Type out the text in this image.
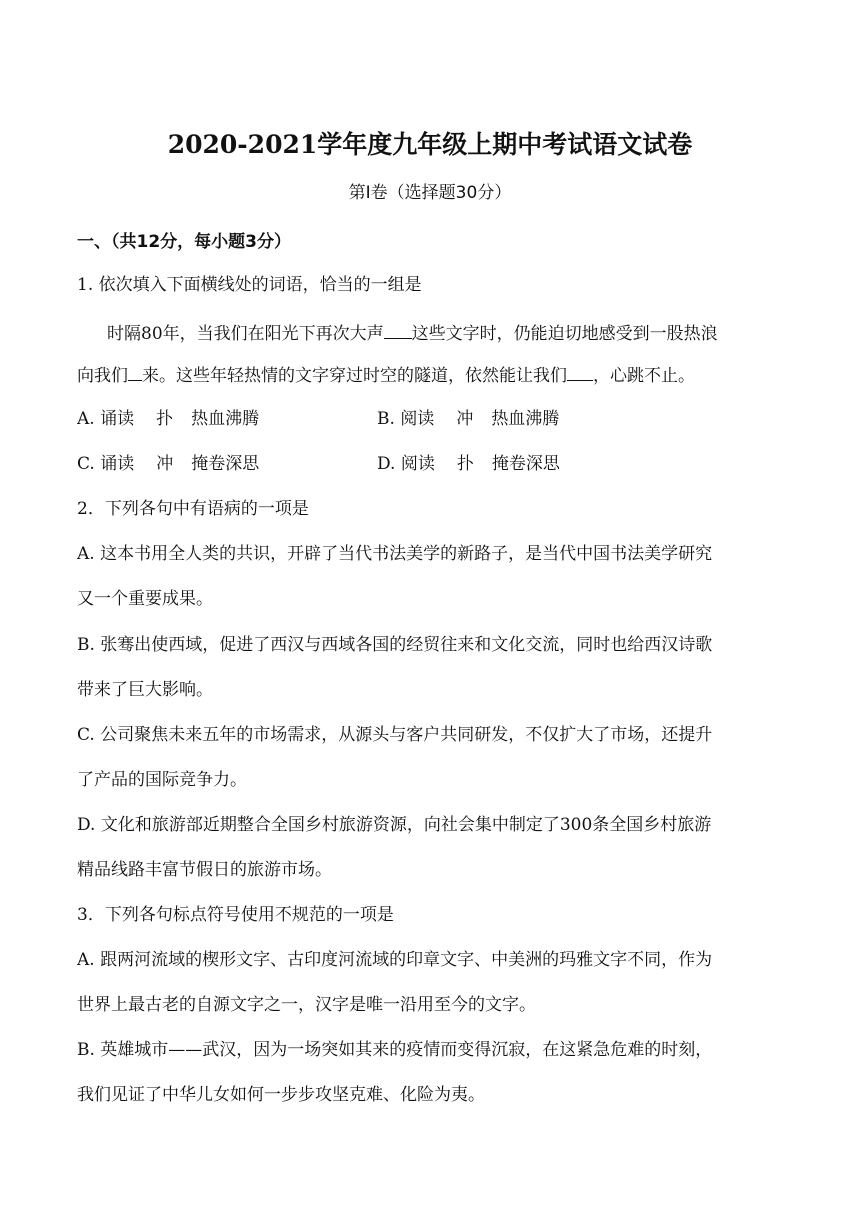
2020-2021学年度九年级上期中考试语文试卷
第Ⅰ卷（选择题30分）
一、（共12分，每小题3分）
1. 依次填入下面横线处的词语，恰当的一组是
时隔80年，当我们在阳光下再次大声 这些文字时，仍能迫切地感受到一股热浪
向我们 来。这些年轻热情的文字穿过时空的隧道，依然能让我们 ，心跳不止。
A. 诵读 扑 热血沸腾	B. 阅读 冲 热血沸腾
C. 诵读 冲 掩卷深思	D. 阅读 扑 掩卷深思
2．下列各句中有语病的一项是
A. 这本书用全人类的共识，开辟了当代书法美学的新路子，是当代中国书法美学研究
又一个重要成果。
B. 张骞出使西域，促进了西汉与西域各国的经贸往来和文化交流，同时也给西汉诗歌
带来了巨大影响。
C. 公司聚焦未来五年的市场需求，从源头与客户共同研发，不仅扩大了市场，还提升
了产品的国际竞争力。
D. 文化和旅游部近期整合全国乡村旅游资源，向社会集中制定了300条全国乡村旅游
精品线路丰富节假日的旅游市场。
3．下列各句标点符号使用不规范的一项是
A. 跟两河流域的楔形文字、古印度河流域的印章文字、中美洲的玛雅文字不同，作为
世界上最古老的自源文字之一，汉字是唯一沿用至今的文字。
B. 英雄城市——武汉，因为一场突如其来的疫情而变得沉寂，在这紧急危难的时刻，
我们见证了中华儿女如何一步步攻坚克难、化险为夷。
